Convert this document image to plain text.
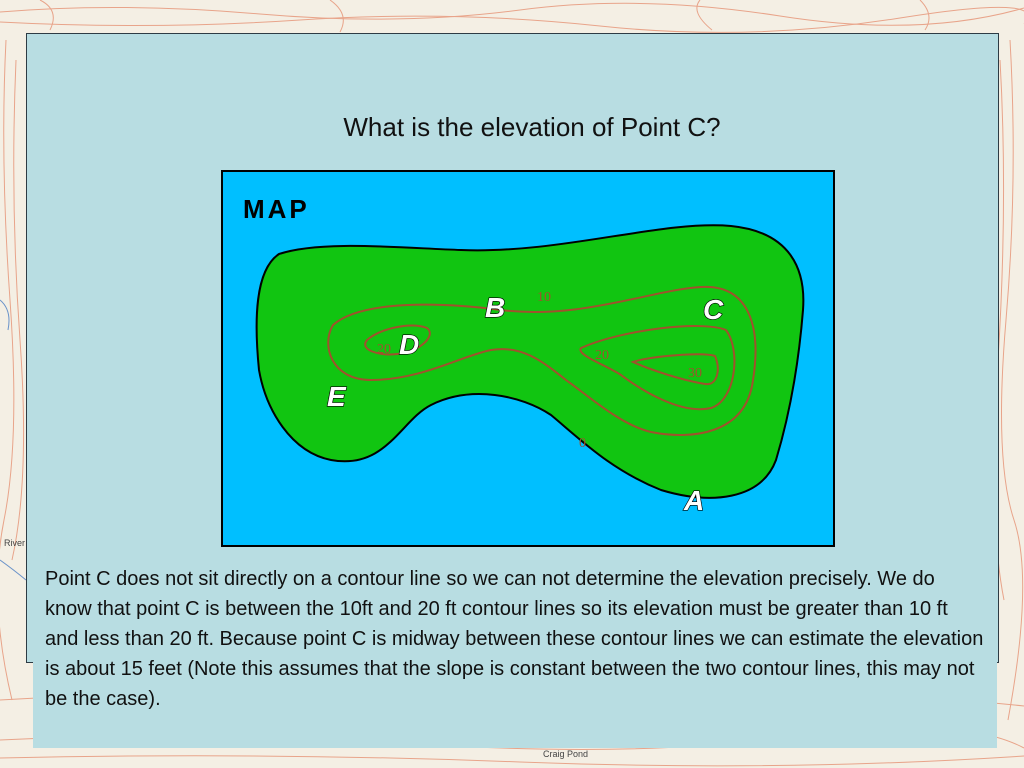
Craig Pond
River
What is the elevation of Point C?
MAP
10
20	20
30
0
B	C
D
E
A
Point C does not sit directly on a contour line so we can not determine the elevation precisely. We do know that point C is between the 10ft and 20 ft contour lines so its elevation must be greater than 10 ft and less than 20 ft. Because point C is midway between these contour lines we can estimate the elevation is about 15 feet (Note this assumes that the slope is constant between the two contour lines, this may not be the case).
